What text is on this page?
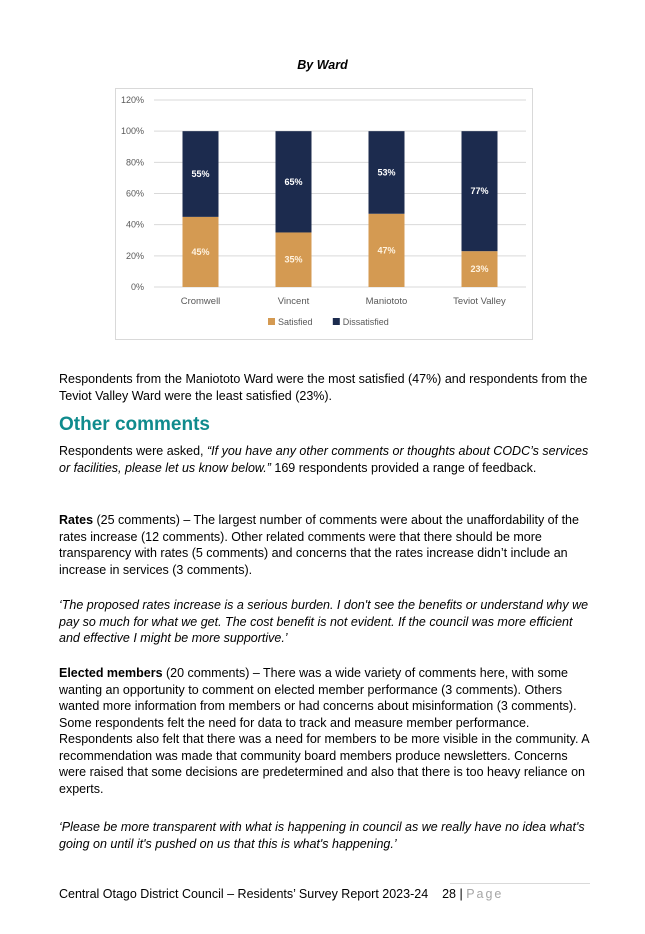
By Ward
0%
20%
40%
60%
80%
100%
120%
45%
55%
Cromwell
35%
65%
Vincent
47%
53%
Maniototo
23%
77%
Teviot Valley
Satisfied	Dissatisfied
Respondents from the Maniototo Ward were the most satisfied (47%) and respondents from the Teviot Valley Ward were the least satisfied (23%).
Other comments
Respondents were asked, “If you have any other comments or thoughts about CODC’s services or facilities, please let us know below.” 169 respondents provided a range of feedback.
Rates (25 comments) – The largest number of comments were about the unaffordability of the rates increase (12 comments). Other related comments were that there should be more transparency with rates (5 comments) and concerns that the rates increase didn’t include an increase in services (3 comments).
‘The proposed rates increase is a serious burden. I don't see the benefits or understand why we pay so much for what we get. The cost benefit is not evident. If the council was more efficient and effective I might be more supportive.’
Elected members (20 comments) – There was a wide variety of comments here, with some wanting an opportunity to comment on elected member performance (3 comments). Others wanted more information from members or had concerns about misinformation (3 comments). Some respondents felt the need for data to track and measure member performance. Respondents also felt that there was a need for members to be more visible in the community. A recommendation was made that community board members produce newsletters. Concerns were raised that some decisions are predetermined and also that there is too heavy reliance on experts.
‘Please be more transparent with what is happening in council as we really have no idea what's going on until it's pushed on us that this is what's happening.’
Central Otago District Council – Residents’ Survey Report 2023-24 28 | Page
